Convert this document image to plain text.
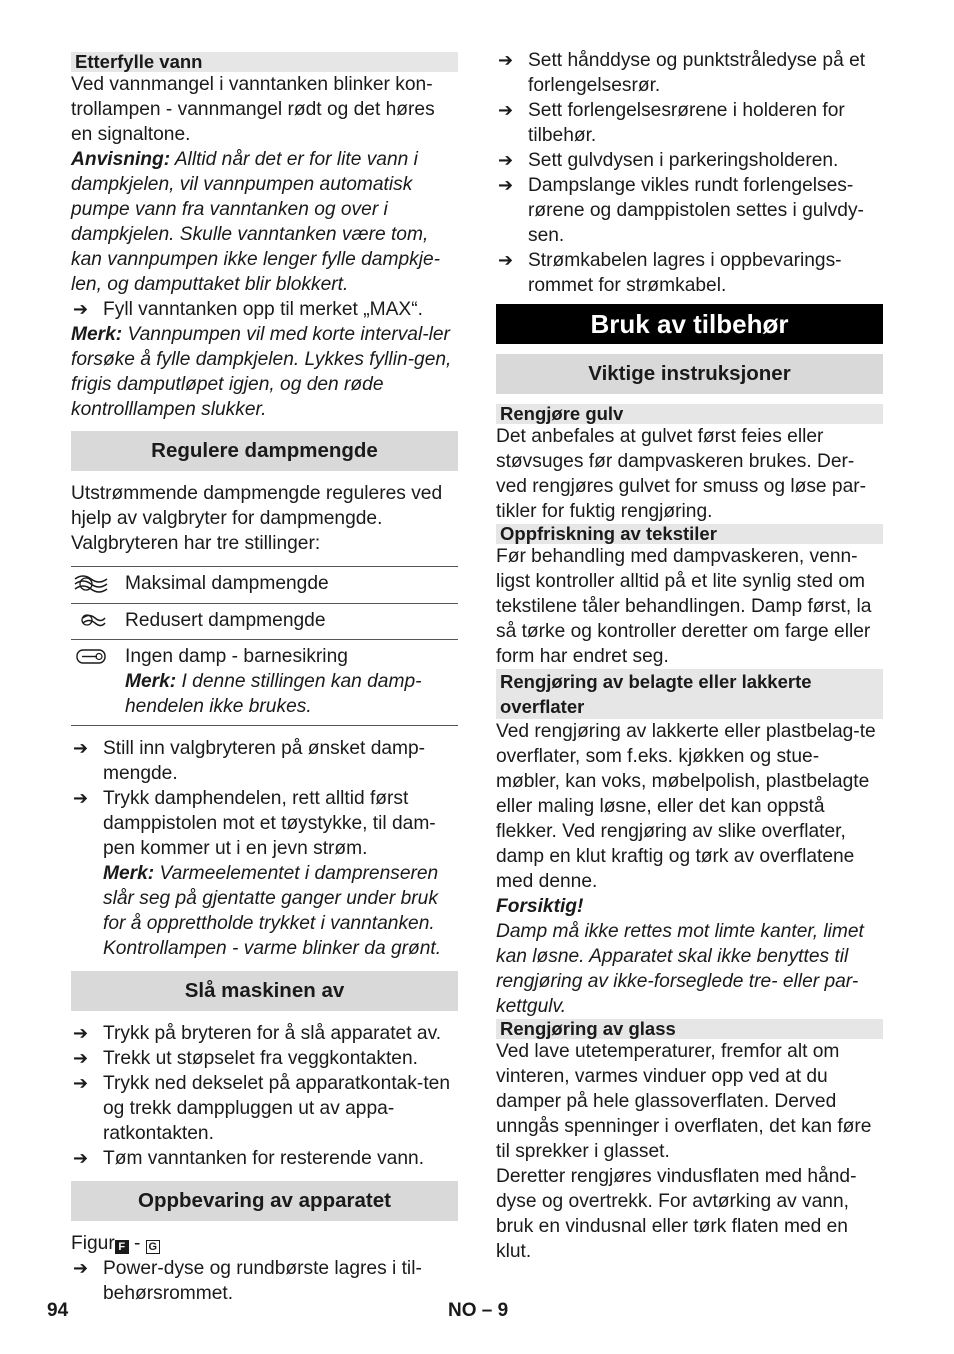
Etterfylle vann

Ved vannmangel i vanntanken blinker kon-trollampen - vannmangel rødt og det høres en signaltone.

Anvisning: Alltid når det er for lite vann i dampkjelen, vil vannpumpen automatisk pumpe vann fra vanntanken og over i dampkjelen. Skulle vanntanken være tom, kan vannpumpen ikke lenger fylle dampkje-len, og damputtaket blir blokkert.

➔ Fyll vanntanken opp til merket „MAX“.

Merk: Vannpumpen vil med korte interval-ler forsøke å fylle dampkjelen. Lykkes fyllin-gen, frigis damputløpet igjen, og den røde kontrolllampen slukker.

Regulere dampmengde

Utstrømmende dampmengde reguleres ved hjelp av valgbryter for dampmengde. Valgbryteren har tre stillinger:

	Maksimal dampmengde

	Redusert dampmengde

Ingen damp - barnesikring
Merk: I denne stillingen kan damp-hendelen ikke brukes.

➔ Still inn valgbryteren på ønsket damp-mengde.

➔ Trykk damphendelen, rett alltid først damppistolen mot et tøystykke, til dam-pen kommer ut i en jevn strøm.

Merk: Varmeelementet i damprenseren slår seg på gjentatte ganger under bruk for å opprettholde trykket i vanntanken. Kontrollampen - varme blinker da grønt.

Slå maskinen av

➔ Trykk på bryteren for å slå apparatet av.

➔ Trekk ut støpselet fra veggkontakten.

➔ Trykk ned dekselet på apparatkontak-ten og trekk damppluggen ut av appa-ratkontakten.

➔ Tøm vanntanken for resterende vann.

Oppbevaring av apparatet

Figur F - G

➔ Power-dyse og rundbørste lagres i til-behørsrommet.

➔ Sett hånddyse og punktstråledyse på et forlengelsesrør.

➔ Sett forlengelsesrørene i holderen for tilbehør.

➔ Sett gulvdysen i parkeringsholderen.

➔ Dampslange vikles rundt forlengelses-rørene og damppistolen settes i gulvdy-sen.

➔ Strømkabelen lagres i oppbevarings-rommet for strømkabel.

Bruk av tilbehør
Viktige instruksjoner
Rengjøre gulv

Det anbefales at gulvet først feies eller støvsuges før dampvaskeren brukes. Der-ved rengjøres gulvet for smuss og løse par-tikler for fuktig rengjøring.

Oppfriskning av tekstiler

Før behandling med dampvaskeren, venn-ligst kontroller alltid på et lite synlig sted om tekstilene tåler behandlingen. Damp først, la så tørke og kontroller deretter om farge eller form har endret seg.

Rengjøring av belagte eller lakkerte overflater

Ved rengjøring av lakkerte eller plastbelag-te overflater, som f.eks. kjøkken og stue-møbler, kan voks, møbelpolish, plastbelagte eller maling løsne, eller det kan oppstå flekker. Ved rengjøring av slike overflater, damp en klut kraftig og tørk av overflatene med denne.

Forsiktig!

Damp må ikke rettes mot limte kanter, limet kan løsne. Apparatet skal ikke benyttes til rengjøring av ikke-forseglede tre- eller par-kettgulv.

Rengjøring av glass

Ved lave utetemperaturer, fremfor alt om vinteren, varmes vinduer opp ved at du damper på hele glassoverflaten. Derved unngås spenninger i overflaten, det kan føre til sprekker i glasset.

Deretter rengjøres vindusflaten med hånd-dyse og overtrekk. For avtørking av vann, bruk en vindusnal eller tørk flaten med en klut.

94	NO – 9
